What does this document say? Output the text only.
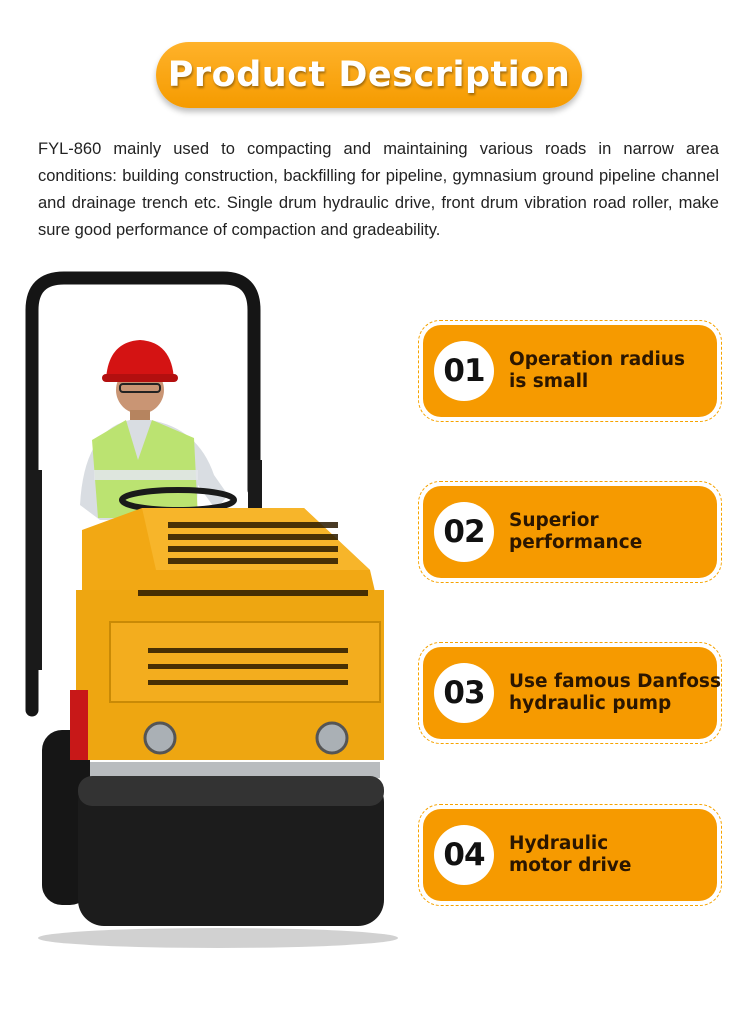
Product Description

FYL-860 mainly used to compacting and maintaining various roads in narrow area conditions: building construction, backfilling for pipeline, gymnasium ground pipeline channel and drainage trench etc. Single drum hydraulic drive, front drum vibration road roller, make sure good performance of compaction and gradeability.

01	Operation radius
is small
02	Superior
performance
03	Use famous Danfoss
hydraulic pump
04	Hydraulic
motor drive
